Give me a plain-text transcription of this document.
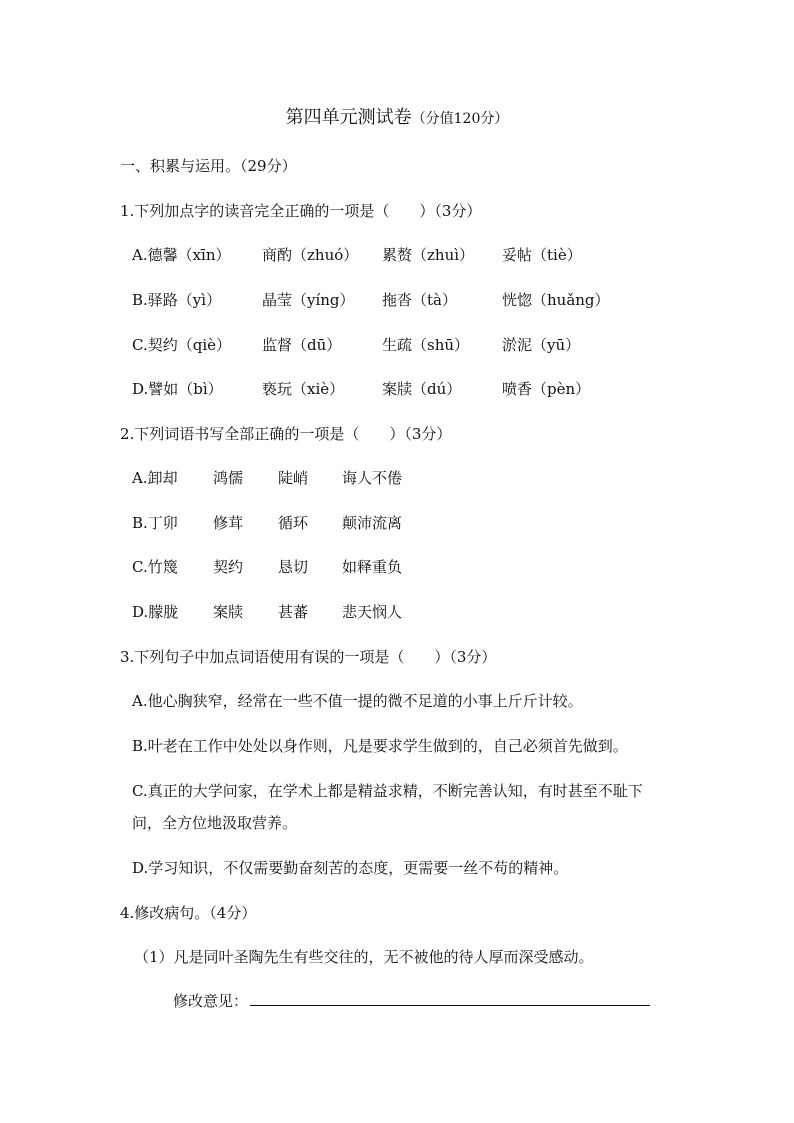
第四单元测试卷（分值120分）
一、积累与运用。（29分）
1.下列加点字的读音完全正确的一项是（　　）（3分）
A.德馨（xīn） 商酌（zhuó） 累赘（zhuì） 妥帖（tiè）
B.驿路（yì）	晶莹（yíng） 拖沓（tà）	恍惚（huǎng）
C.契约（qiè） 监督（dū）	生疏（shū） 淤泥（yū）
D.譬如（bì）	亵玩（xiè）	案牍（dú）	喷香（pèn）
2.下列词语书写全部正确的一项是（　　）（3分）
A.卸却 鸿儒 陡峭 诲人不倦
B.丁卯 修茸 循环 颠沛流离
C.竹篾 契约 恳切 如释重负
D.朦胧 案牍 甚蕃 悲天悯人
3.下列句子中加点词语使用有误的一项是（　　）（3分）
A.他心胸狭窄，经常在一些不值一提的微不足道的小事上斤斤计较。
B.叶老在工作中处处以身作则，凡是要求学生做到的，自己必须首先做到。
C.真正的大学问家，在学术上都是精益求精，不断完善认知，有时甚至不耻下
问，全方位地汲取营养。
D.学习知识，不仅需要勤奋刻苦的态度，更需要一丝不苟的精神。
4.修改病句。（4分）
（1）凡是同叶圣陶先生有些交往的，无不被他的待人厚而深受感动。
修改意见：
